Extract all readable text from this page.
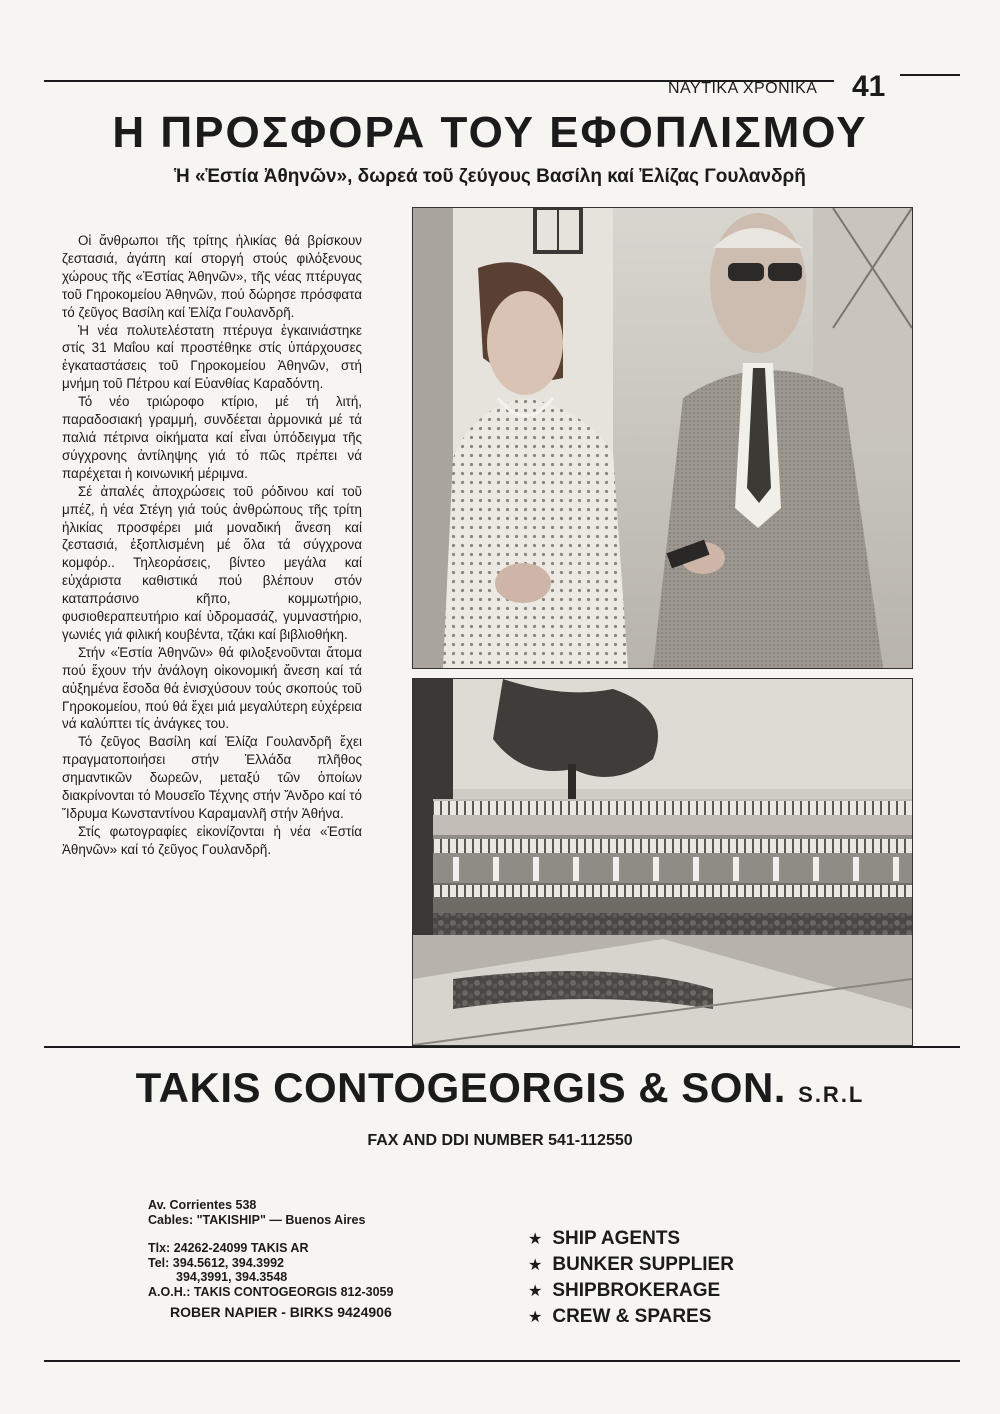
ΝΑΥΤΙΚΑ ΧΡΟΝΙΚΑ 41
Η ΠΡΟΣΦΟΡΑ ΤΟΥ ΕΦΟΠΛΙΣΜΟΥ
Ἡ «Ἑστία Ἀθηνῶν», δωρεά τοῦ ζεύγους Βασίλη καί Ἐλίζας Γουλανδρῆ

Οἱ ἄνθρωποι τῆς τρίτης ἡλικίας θά βρίσκουν ζεστασιά, ἀγάπη καί στοργή στούς φιλόξενους χώρους τῆς «Ἑστίας Ἀθηνῶν», τῆς νέας πτέρυγας τοῦ Γηροκομείου Ἀθηνῶν, πού δώρησε πρόσφατα τό ζεῦγος Βασίλη καί Ἐλίζα Γουλανδρῆ.

Ἡ νέα πολυτελέστατη πτέρυγα ἐγκαινιάστηκε στίς 31 Μαΐου καί προστέθηκε στίς ὑπάρχουσες ἐγκαταστάσεις τοῦ Γηροκομείου Ἀθηνῶν, στή μνήμη τοῦ Πέτρου καί Εὐανθίας Καραδόντη.

Τό νέο τριώροφο κτίριο, μέ τή λιτή, παραδοσιακή γραμμή, συνδέεται ἁρμονικά μέ τά παλιά πέτρινα οἰκήματα καί εἶναι ὑπόδειγμα τῆς σύγχρονης ἀντίληψης γιά τό πῶς πρέπει νά παρέχεται ἡ κοινωνική μέριμνα.

Σέ ἀπαλές ἀποχρώσεις τοῦ ρόδινου καί τοῦ μπέζ, ἡ νέα Στέγη γιά τούς ἀνθρώπους τῆς τρίτη ἡλικίας προσφέρει μιά μοναδική ἄνεση καί ζεστασιά, ἐξοπλισμένη μέ ὅλα τά σύγχρονα κομφόρ.. Τηλεοράσεις, βίντεο μεγάλα καί εὐχάριστα καθιστικά πού βλέπουν στόν καταπράσινο κῆπο, κομμωτήριο, φυσιοθεραπευτήριο καί ὑδρομασάζ, γυμναστήριο, γωνιές γιά φιλική κουβέντα, τζάκι καί βιβλιοθήκη.

Στήν «Ἑστία Ἀθηνῶν» θά φιλοξενοῦνται ἄτομα πού ἔχουν τήν ἀνάλογη οἰκονομική ἄνεση καί τά αὐξημένα ἔσοδα θά ἐνισχύσουν τούς σκοπούς τοῦ Γηροκομείου, πού θά ἔχει μιά μεγαλύτερη εὐχέρεια νά καλύπτει τίς ἀνάγκες του.

Τό ζεῦγος Βασίλη καί Ἐλίζα Γουλανδρῆ ἔχει πραγματοποιήσει στήν Ἑλλάδα πλῆθος σημαντικῶν δωρεῶν, μεταξύ τῶν ὁποίων διακρίνονται τό Μουσεῖο Τέχνης στήν Ἄνδρο καί τό Ἵδρυμα Κωνσταντίνου Καραμανλῆ στήν Ἀθήνα.

Στίς φωτογραφίες εἰκονίζονται ἡ νέα «Ἑστία Ἀθηνῶν» καί τό ζεῦγος Γουλανδρῆ.

TAKIS CONTOGEORGIS & SON. S.R.L
FAX AND DDI NUMBER 541-112550
Av. Corrientes 538
Cables: "TAKISHIP" — Buenos Aires
Tlx: 24262-24099 TAKIS AR
Tel: 394.5612, 394.3992
394,3991, 394.3548
A.O.H.: TAKIS CONTOGEORGIS 812-3059
ROBER NAPIER - BIRKS 9424906
★ SHIP AGENTS
★ BUNKER SUPPLIER
★ SHIPBROKERAGE
★ CREW & SPARES
